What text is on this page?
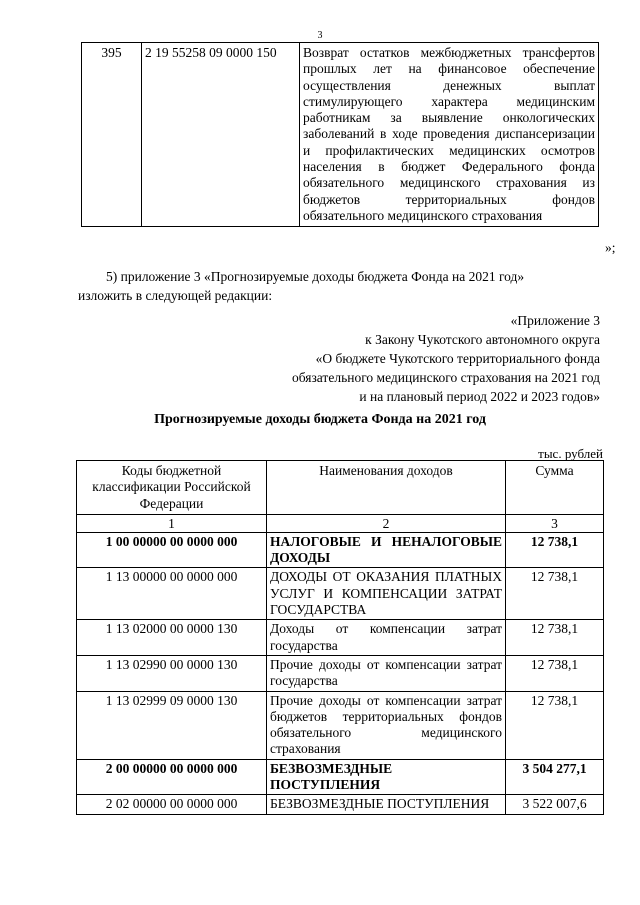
3
395	2 19 55258 09 0000 150	Возврат остатков межбюджетных трансфертов прошлых лет на финансовое обеспечение осуществления денежных выплат стимулирующего характера медицинским работникам за выявление онкологических заболеваний в ходе проведения диспансеризации и профилактических медицинских осмотров населения в бюджет Федерального фонда обязательного медицинского страхования из бюджетов территориальных фондов
обязательного медицинского страхования
»;
5) приложение 3 «Прогнозируемые доходы бюджета Фонда на 2021 год»
изложить в следующей редакции:
«Приложение 3
к Закону Чукотского автономного округа
«О бюджете Чукотского территориального фонда
обязательного медицинского страхования на 2021 год
и на плановый период 2022 и 2023 годов»
Прогнозируемые доходы бюджета Фонда на 2021 год
тыс. рублей
Коды бюджетной классификации Российской Федерации	Наименования доходов	Сумма
1	2	3
1 00 00000 00 0000 000	НАЛОГОВЫЕ И НЕНАЛОГОВЫЕ ДОХОДЫ	12 738,1
1 13 00000 00 0000 000	ДОХОДЫ ОТ ОКАЗАНИЯ ПЛАТНЫХ УСЛУГ И КОМПЕНСАЦИИ ЗАТРАТ ГОСУДАРСТВА	12 738,1
1 13 02000 00 0000 130	Доходы от компенсации затрат государства	12 738,1
1 13 02990 00 0000 130	Прочие доходы от компенсации затрат государства	12 738,1
1 13 02999 09 0000 130	Прочие доходы от компенсации затрат бюджетов территориальных фондов обязательного медицинского страхования	12 738,1
2 00 00000 00 0000 000	БЕЗВОЗМЕЗДНЫЕ ПОСТУПЛЕНИЯ	3 504 277,1
2 02 00000 00 0000 000	БЕЗВОЗМЕЗДНЫЕ ПОСТУПЛЕНИЯ	3 522 007,6
